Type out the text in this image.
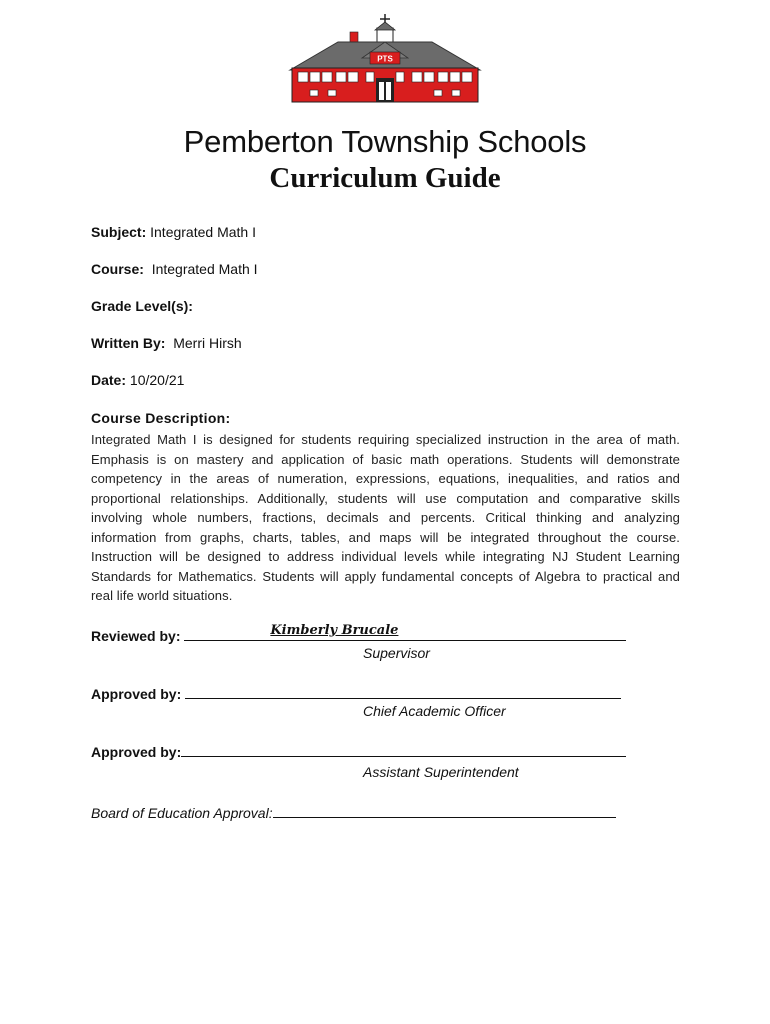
PTS
Pemberton Township Schools
Curriculum Guide
Subject: Integrated Math I
Course: Integrated Math I
Grade Level(s):
Written By: Merri Hirsh
Date: 10/20/21
Course Description:
Integrated Math I is designed for students requiring specialized instruction in the area of math. Emphasis is on mastery and application of basic math operations. Students will demonstrate competency in the areas of numeration, expressions, equations, inequalities, and ratios and proportional relationships. Additionally, students will use computation and comparative skills involving whole numbers, fractions, decimals and percents. Critical thinking and analyzing information from graphs, charts, tables, and maps will be integrated throughout the course. Instruction will be designed to address individual levels while integrating NJ Student Learning Standards for Mathematics. Students will apply fundamental concepts of Algebra to practical and real life world situations.
Reviewed by:	Kimberly Brucale
Supervisor
Approved by:
Chief Academic Officer
Approved by:
Assistant Superintendent
Board of Education Approval:
